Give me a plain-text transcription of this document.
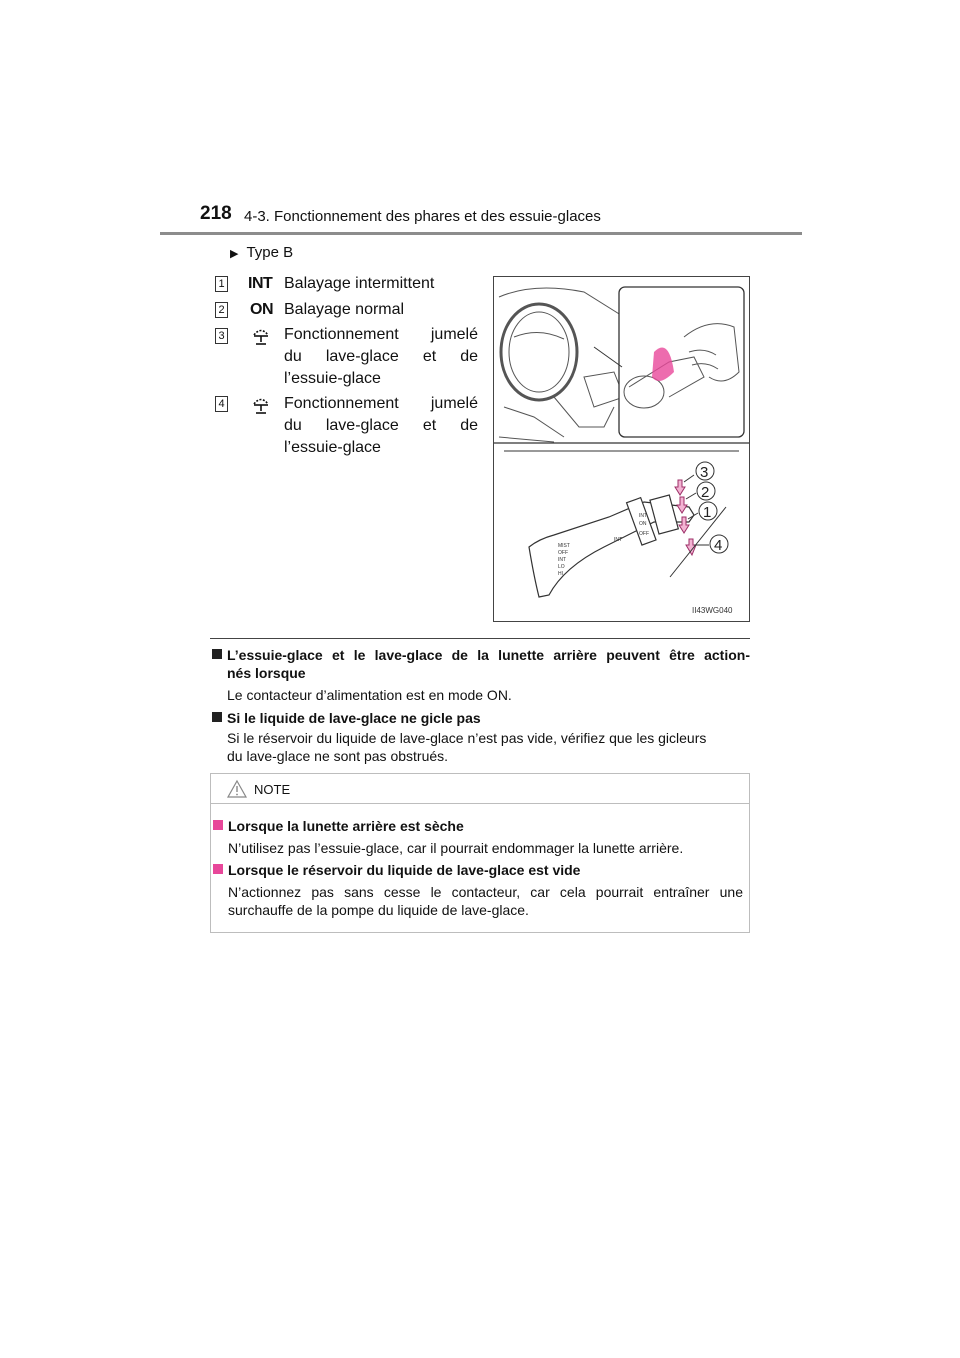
218 4-3. Fonctionnement des phares et des essuie-glaces
▶ Type B
1 INT Balayage intermittent
2 ON Balayage normal
3	Fonctionnement jumelé
du lave-glace et de
l’essuie-glace
4	Fonctionnement jumelé
du lave-glace et de
l’essuie-glace
MIST
OFF
INT
LO
HI
INT
OFF
ON
INT
3
2
1
4
II43WG040
L’essuie-glace et le lave-glace de la lunette arrière peuvent être action-
nés lorsque
Le contacteur d’alimentation est en mode ON.
Si le liquide de lave-glace ne gicle pas
Si le réservoir du liquide de lave-glace n’est pas vide, vérifiez que les gicleurs
du lave-glace ne sont pas obstrués.
NOTE
Lorsque la lunette arrière est sèche
N’utilisez pas l’essuie-glace, car il pourrait endommager la lunette arrière.
Lorsque le réservoir du liquide de lave-glace est vide
N’actionnez pas sans cesse le contacteur, car cela pourrait entraîner une
surchauffe de la pompe du liquide de lave-glace.
